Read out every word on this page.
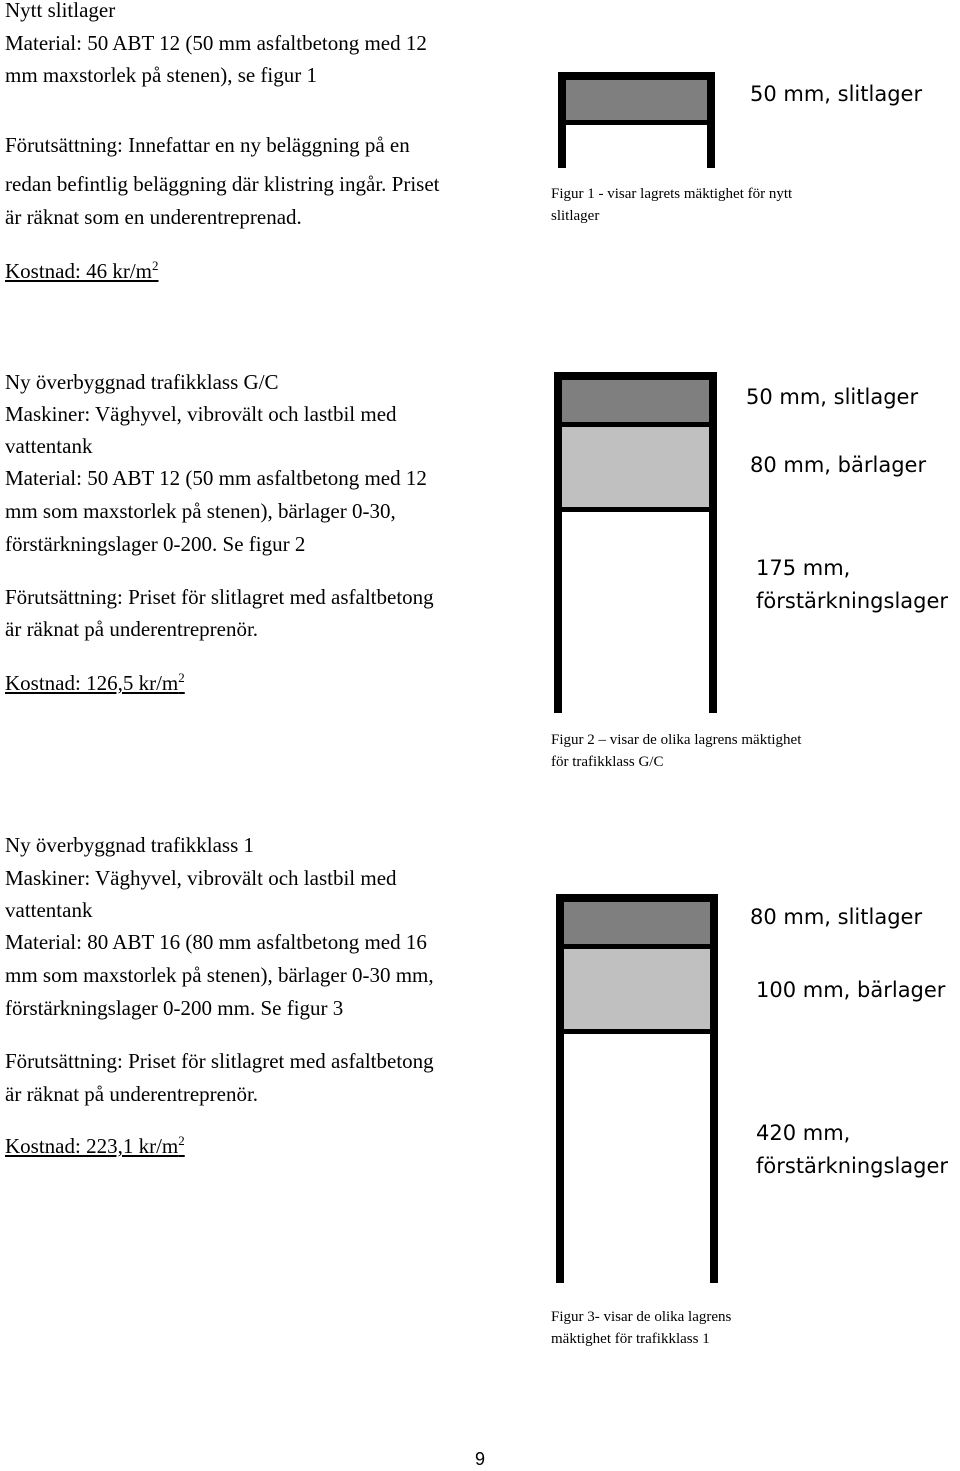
Nytt slitlager

Material: 50 ABT 12 (50 mm asfaltbetong med 12

mm maxstorlek på stenen), se figur 1

Förutsättning: Innefattar en ny beläggning på en

redan befintlig beläggning där klistring ingår. Priset

är räknat som en underentreprenad.

Kostnad: 46 $kr/m^2$

50 mm, slitlager
Figur 1 - visar lagrets mäktighet för nytt
slitlager

Ny överbyggnad trafikklass G/C

Maskiner: Väghyvel, vibrovält och lastbil med

vattentank

Material: 50 ABT 12 (50 mm asfaltbetong med 12

mm som maxstorlek på stenen), bärlager 0-30,

förstärkningslager 0-200. Se figur 2

Förutsättning: Priset för slitlagret med asfaltbetong

är räknat på underentreprenör.

Kostnad: 126,5 $kr/m^2$

50 mm, slitlager
80 mm, bärlager
175 mm,
förstärkningslager
Figur 2 – visar de olika lagrens mäktighet
för trafikklass G/C

Ny överbyggnad trafikklass 1

Maskiner: Väghyvel, vibrovält och lastbil med

vattentank

Material: 80 ABT 16 (80 mm asfaltbetong med 16

mm som maxstorlek på stenen), bärlager 0-30 mm,

förstärkningslager 0-200 mm. Se figur 3

Förutsättning: Priset för slitlagret med asfaltbetong

är räknat på underentreprenör.

Kostnad: 223,1 $kr/m^2$

80 mm, slitlager
100 mm, bärlager
420 mm,
förstärkningslager
Figur 3- visar de olika lagrens
mäktighet för trafikklass 1
9
